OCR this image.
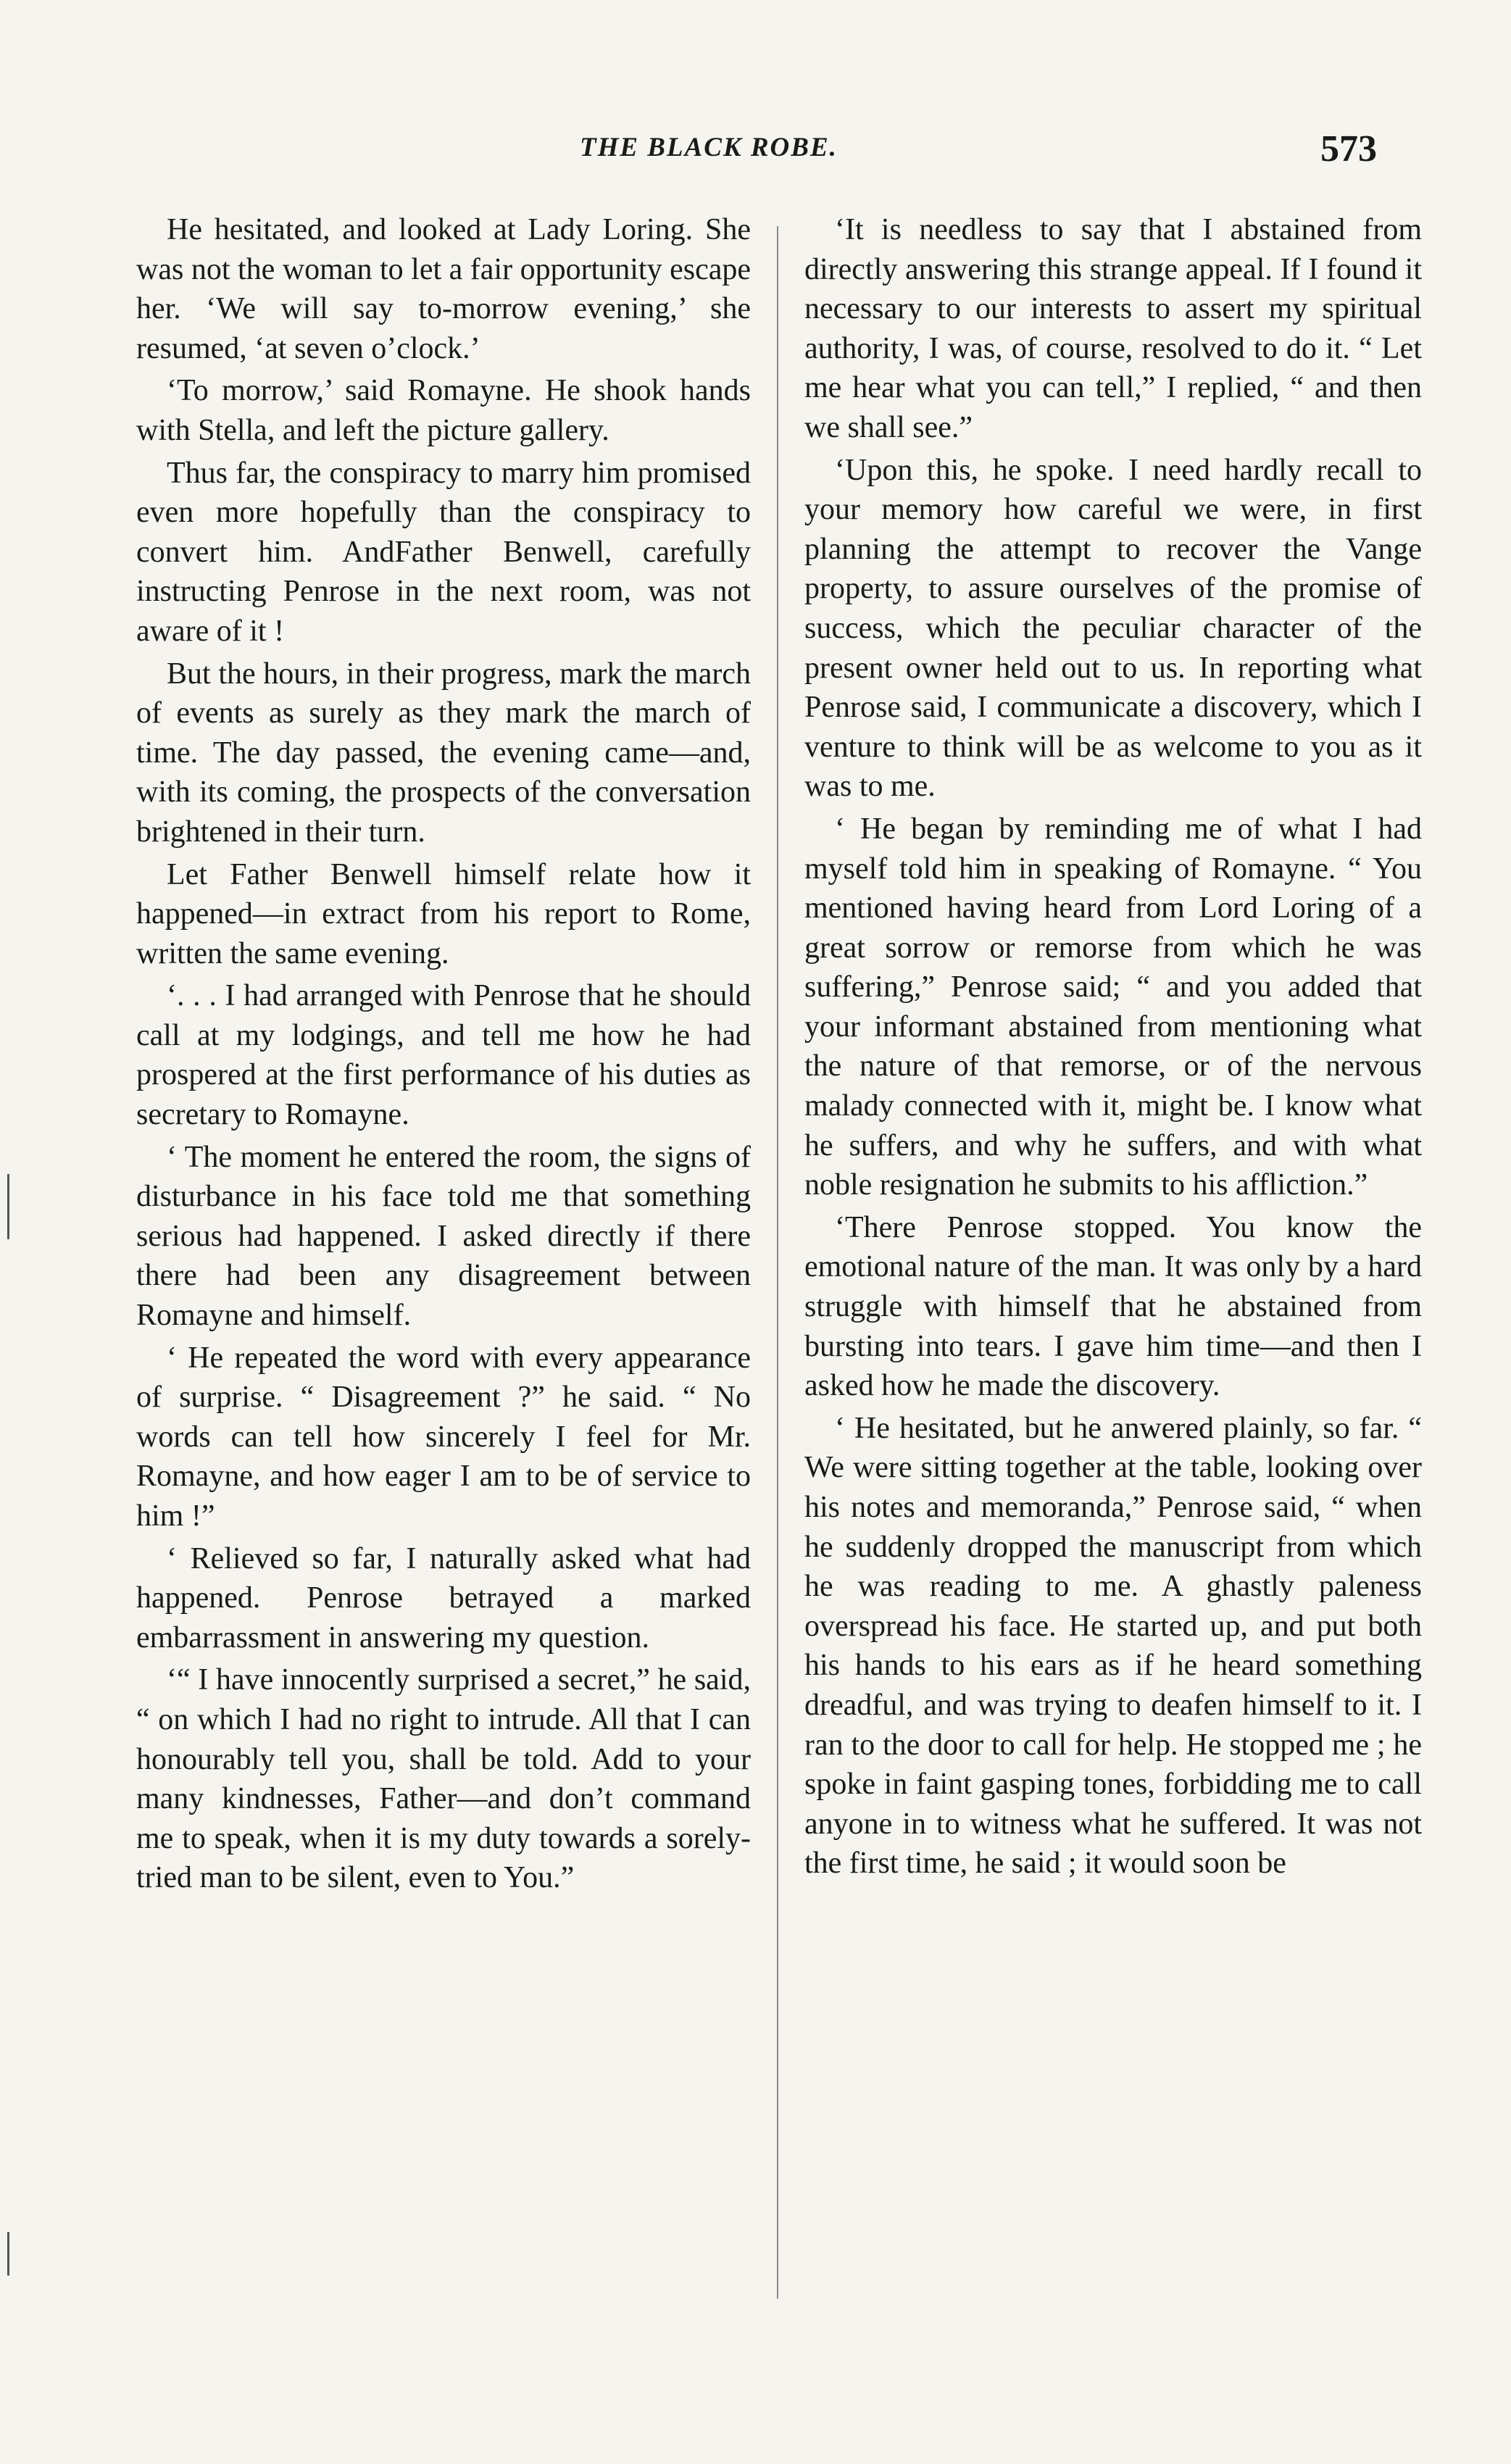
THE BLACK ROBE.	573

He hesitated, and looked at Lady Loring. She was not the woman to let a fair opportunity escape her. ‘We will say to-morrow evening,’ she resumed, ‘at seven o’clock.’

‘To morrow,’ said Romayne. He shook hands with Stella, and left the picture gallery.

Thus far, the conspiracy to marry him promised even more hopefully than the conspiracy to convert him. AndFather Benwell, carefully instructing Penrose in the next room, was not aware of it !

But the hours, in their progress, mark the march of events as surely as they mark the march of time. The day passed, the evening came—and, with its coming, the prospects of the conversation brightened in their turn.

Let Father Benwell himself relate how it happened—in extract from his report to Rome, written the same evening.

‘. . . I had arranged with Penrose that he should call at my lodgings, and tell me how he had prospered at the first performance of his duties as secretary to Romayne.

‘ The moment he entered the room, the signs of disturbance in his face told me that something serious had happened. I asked directly if there there had been any disagreement between Romayne and himself.

‘ He repeated the word with every appearance of surprise. “ Disagreement ?” he said. “ No words can tell how sincerely I feel for Mr. Romayne, and how eager I am to be of service to him !”

‘ Relieved so far, I naturally asked what had happened. Penrose betrayed a marked embarrassment in answering my question.

‘“ I have innocently surprised a secret,” he said, “ on which I had no right to intrude. All that I can honourably tell you, shall be told. Add to your many kindnesses, Father—and don’t command me to speak, when it is my duty towards a sorely-tried man to be silent, even to You.”

‘It is needless to say that I abstained from directly answering this strange appeal. If I found it necessary to our interests to assert my spiritual authority, I was, of course, resolved to do it. “ Let me hear what you can tell,” I replied, “ and then we shall see.”

‘Upon this, he spoke. I need hardly recall to your memory how careful we were, in first planning the attempt to recover the Vange property, to assure ourselves of the promise of success, which the peculiar character of the present owner held out to us. In reporting what Penrose said, I communicate a discovery, which I venture to think will be as welcome to you as it was to me.

‘ He began by reminding me of what I had myself told him in speaking of Romayne. “ You mentioned having heard from Lord Loring of a great sorrow or remorse from which he was suffering,” Penrose said; “ and you added that your informant abstained from mentioning what the nature of that remorse, or of the nervous malady connected with it, might be. I know what he suffers, and why he suffers, and with what noble resignation he submits to his affliction.”

‘There Penrose stopped. You know the emotional nature of the man. It was only by a hard struggle with himself that he abstained from bursting into tears. I gave him time—and then I asked how he made the discovery.

‘ He hesitated, but he anwered plainly, so far. “ We were sitting together at the table, looking over his notes and memoranda,” Penrose said, “ when he suddenly dropped the manuscript from which he was reading to me. A ghastly paleness overspread his face. He started up, and put both his hands to his ears as if he heard something dreadful, and was trying to deafen himself to it. I ran to the door to call for help. He stopped me ; he spoke in faint gasping tones, forbidding me to call anyone in to witness what he suffered. It was not the first time, he said ; it would soon be
